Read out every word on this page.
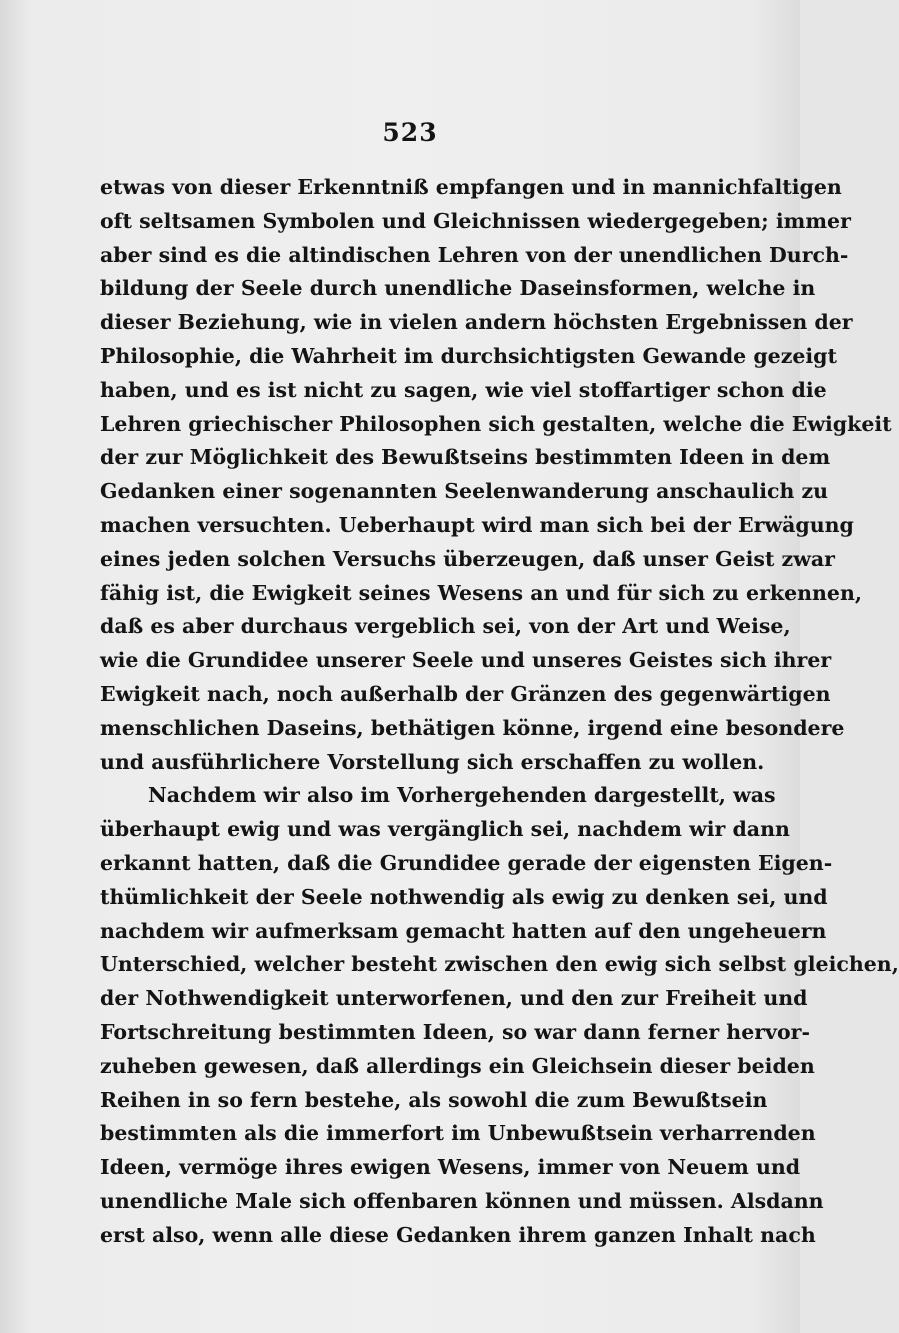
523
etwas von dieser Erkenntniß empfangen und in mannichfaltigen
oft seltsamen Symbolen und Gleichnissen wiedergegeben; immer
aber sind es die altindischen Lehren von der unendlichen Durch-
bildung der Seele durch unendliche Daseinsformen, welche in
dieser Beziehung, wie in vielen andern höchsten Ergebnissen der
Philosophie, die Wahrheit im durchsichtigsten Gewande gezeigt
haben, und es ist nicht zu sagen, wie viel stoffartiger schon die
Lehren griechischer Philosophen sich gestalten, welche die Ewigkeit
der zur Möglichkeit des Bewußtseins bestimmten Ideen in dem
Gedanken einer sogenannten Seelenwanderung anschaulich zu
machen versuchten. Ueberhaupt wird man sich bei der Erwägung
eines jeden solchen Versuchs überzeugen, daß unser Geist zwar
fähig ist, die Ewigkeit seines Wesens an und für sich zu erkennen,
daß es aber durchaus vergeblich sei, von der Art und Weise,
wie die Grundidee unserer Seele und unseres Geistes sich ihrer
Ewigkeit nach, noch außerhalb der Gränzen des gegenwärtigen
menschlichen Daseins, bethätigen könne, irgend eine besondere
und ausführlichere Vorstellung sich erschaffen zu wollen.
Nachdem wir also im Vorhergehenden dargestellt, was
überhaupt ewig und was vergänglich sei, nachdem wir dann
erkannt hatten, daß die Grundidee gerade der eigensten Eigen-
thümlichkeit der Seele nothwendig als ewig zu denken sei, und
nachdem wir aufmerksam gemacht hatten auf den ungeheuern
Unterschied, welcher besteht zwischen den ewig sich selbst gleichen,
der Nothwendigkeit unterworfenen, und den zur Freiheit und
Fortschreitung bestimmten Ideen, so war dann ferner hervor-
zuheben gewesen, daß allerdings ein Gleichsein dieser beiden
Reihen in so fern bestehe, als sowohl die zum Bewußtsein
bestimmten als die immerfort im Unbewußtsein verharrenden
Ideen, vermöge ihres ewigen Wesens, immer von Neuem und
unendliche Male sich offenbaren können und müssen. Alsdann
erst also, wenn alle diese Gedanken ihrem ganzen Inhalt nach
